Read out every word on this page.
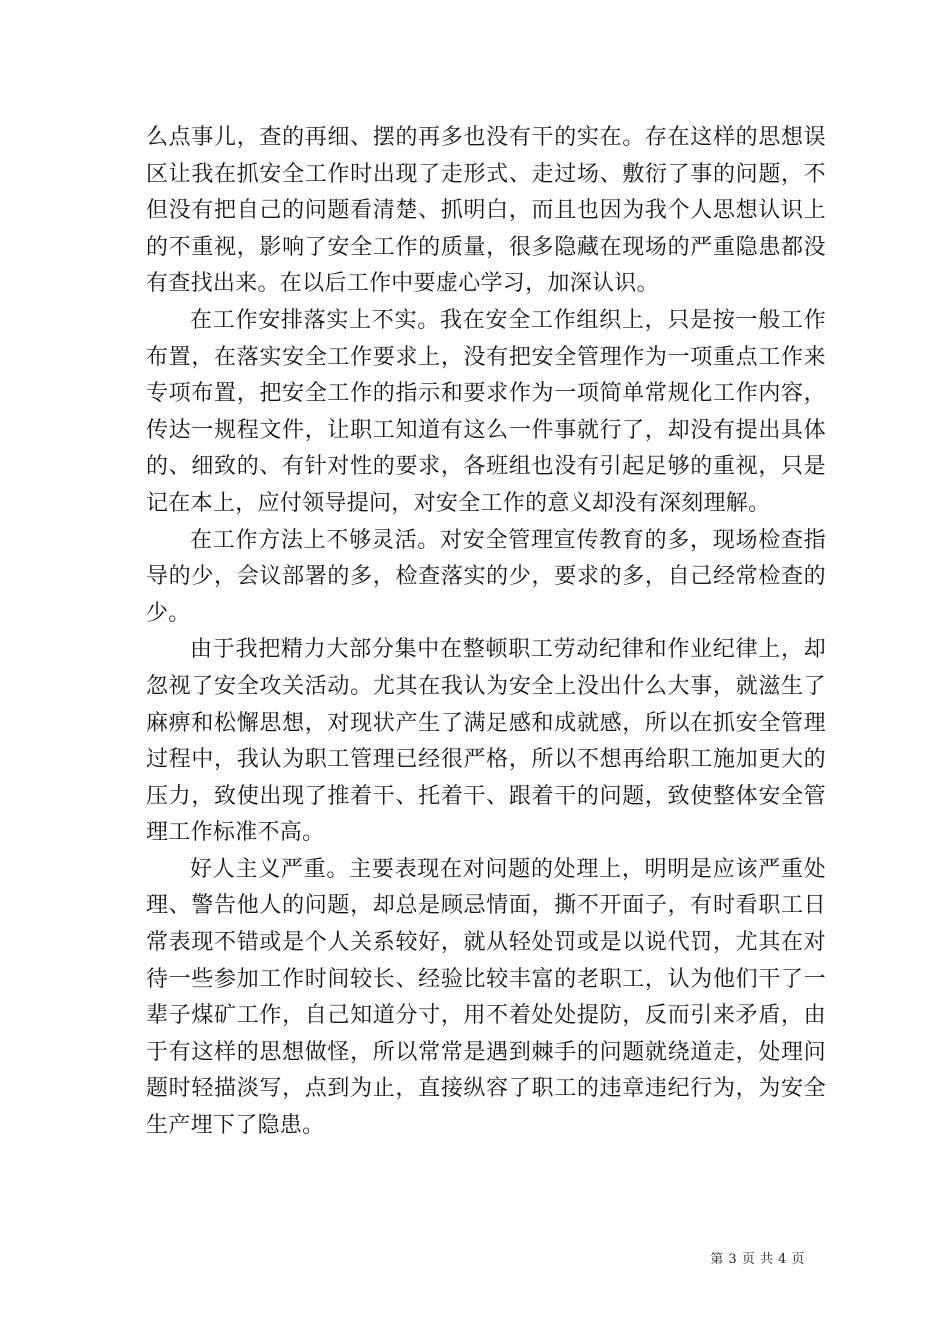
么点事儿，查的再细、摆的再多也没有干的实在。存在这样的思想误区让我在抓安全工作时出现了走形式、走过场、敷衍了事的问题，不但没有把自己的问题看清楚、抓明白，而且也因为我个人思想认识上的不重视，影响了安全工作的质量，很多隐藏在现场的严重隐患都没有查找出来。在以后工作中要虚心学习，加深认识。

在工作安排落实上不实。我在安全工作组织上，只是按一般工作布置，在落实安全工作要求上，没有把安全管理作为一项重点工作来专项布置，把安全工作的指示和要求作为一项简单常规化工作内容，传达一规程文件，让职工知道有这么一件事就行了，却没有提出具体的、细致的、有针对性的要求，各班组也没有引起足够的重视，只是记在本上，应付领导提问，对安全工作的意义却没有深刻理解。

在工作方法上不够灵活。对安全管理宣传教育的多，现场检查指导的少，会议部署的多，检查落实的少，要求的多，自己经常检查的少。

由于我把精力大部分集中在整顿职工劳动纪律和作业纪律上，却忽视了安全攻关活动。尤其在我认为安全上没出什么大事，就滋生了麻痹和松懈思想，对现状产生了满足感和成就感，所以在抓安全管理过程中，我认为职工管理已经很严格，所以不想再给职工施加更大的压力，致使出现了推着干、托着干、跟着干的问题，致使整体安全管理工作标准不高。

好人主义严重。主要表现在对问题的处理上，明明是应该严重处理、警告他人的问题，却总是顾忌情面，撕不开面子，有时看职工日常表现不错或是个人关系较好，就从轻处罚或是以说代罚，尤其在对待一些参加工作时间较长、经验比较丰富的老职工，认为他们干了一辈子煤矿工作，自己知道分寸，用不着处处提防，反而引来矛盾，由于有这样的思想做怪，所以常常是遇到棘手的问题就绕道走，处理问题时轻描淡写，点到为止，直接纵容了职工的违章违纪行为，为安全生产埋下了隐患。

第 3 页 共 4 页
